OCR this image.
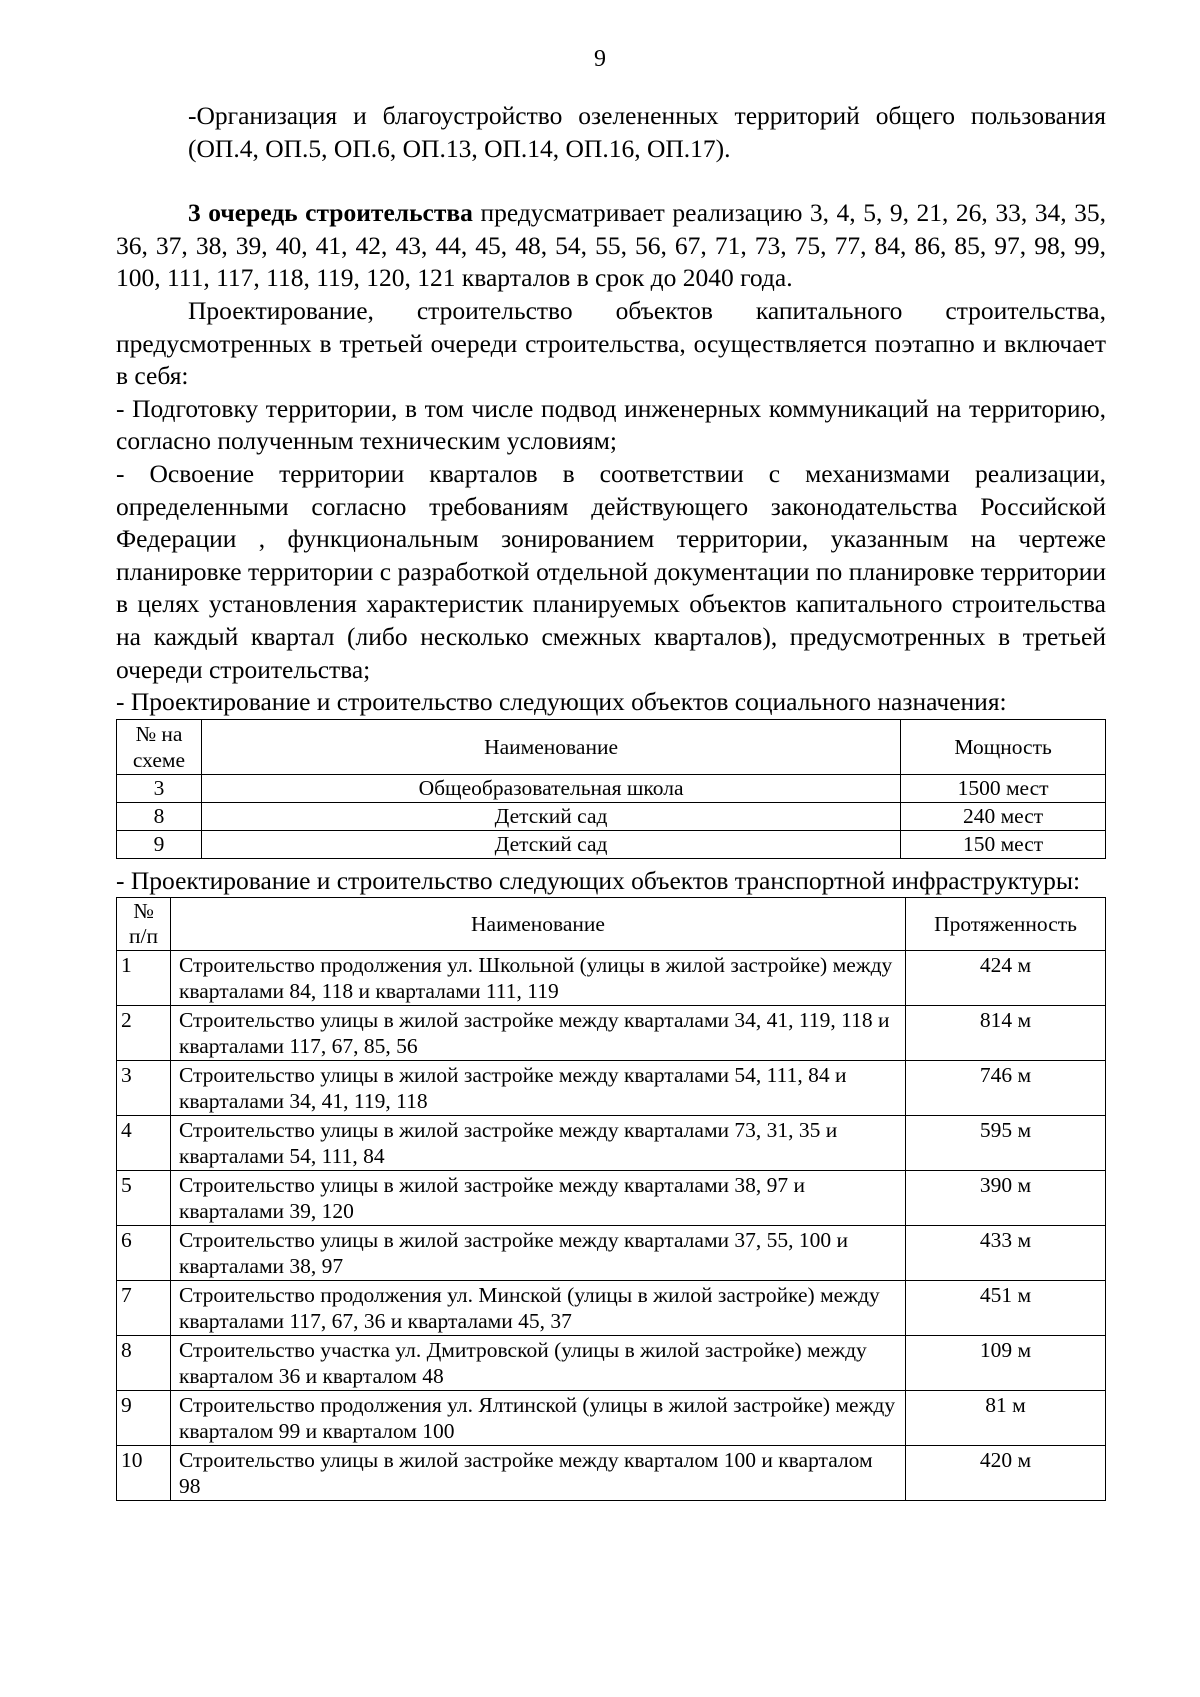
9

-Организация и благоустройство озелененных территорий общего пользования (ОП.4, ОП.5, ОП.6, ОП.13, ОП.14, ОП.16, ОП.17).

3 очередь строительства предусматривает реализацию 3, 4, 5, 9, 21, 26, 33, 34, 35, 36, 37, 38, 39, 40, 41, 42, 43, 44, 45, 48, 54, 55, 56, 67, 71, 73, 75, 77, 84, 86, 85, 97, 98, 99, 100, 111, 117, 118, 119, 120, 121 кварталов в срок до 2040 года.

Проектирование, строительство объектов капитального строительства, предусмотренных в третьей очереди строительства, осуществляется поэтапно и включает в себя:

- Подготовку территории, в том числе подвод инженерных коммуникаций на территорию, согласно полученным техническим условиям;

- Освоение территории кварталов в соответствии с механизмами реализации, определенными согласно требованиям действующего законодательства Российской Федерации , функциональным зонированием территории, указанным на чертеже планировке территории с разработкой отдельной документации по планировке территории в целях установления характеристик планируемых объектов капитального строительства на каждый квартал (либо несколько смежных кварталов), предусмотренных в третьей очереди строительства;

- Проектирование и строительство следующих объектов социального назначения:

№ на схеме	Наименование	Мощность
3	Общеобразовательная школа	1500 мест
8	Детский сад	240 мест
9	Детский сад	150 мест

- Проектирование и строительство следующих объектов транспортной инфраструктуры:

№ п/п	Наименование	Протяженность
1	Строительство продолжения ул. Школьной (улицы в жилой застройке) между кварталами 84, 118 и кварталами 111, 119	424 м
2	Строительство улицы в жилой застройке между кварталами 34, 41, 119, 118 и кварталами 117, 67, 85, 56	814 м
3	Строительство улицы в жилой застройке между кварталами 54, 111, 84 и кварталами 34, 41, 119, 118	746 м
4	Строительство улицы в жилой застройке между кварталами 73, 31, 35 и кварталами 54, 111, 84	595 м
5	Строительство улицы в жилой застройке между кварталами 38, 97 и кварталами 39, 120	390 м
6	Строительство улицы в жилой застройке между кварталами 37, 55, 100 и кварталами 38, 97	433 м
7	Строительство продолжения ул. Минской (улицы в жилой застройке) между кварталами 117, 67, 36 и кварталами 45, 37	451 м
8	Строительство участка ул. Дмитровской (улицы в жилой застройке) между кварталом 36 и кварталом 48	109 м
9	Строительство продолжения ул. Ялтинской (улицы в жилой застройке) между кварталом 99 и кварталом 100	81 м
10	Строительство улицы в жилой застройке между кварталом 100 и кварталом 98	420 м
